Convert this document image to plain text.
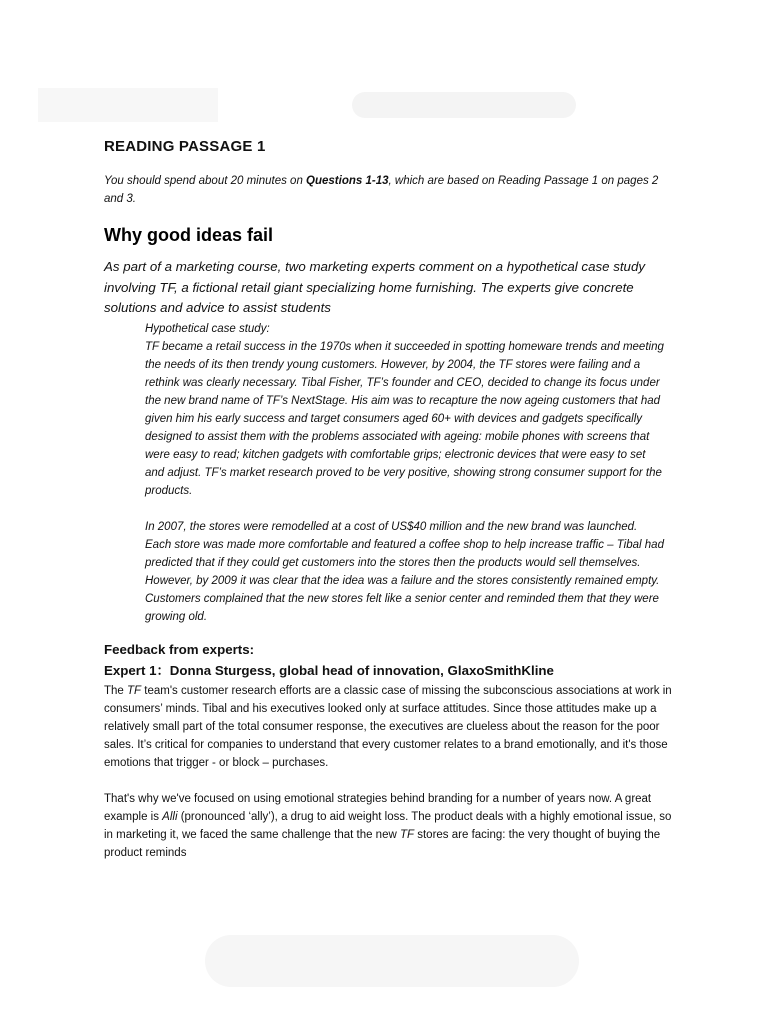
READING PASSAGE 1

You should spend about 20 minutes on Questions 1-13, which are based on Reading Passage 1 on pages 2 and 3.

Why good ideas fail

As part of a marketing course, two marketing experts comment on a hypothetical case study involving TF, a fictional retail giant specializing home furnishing. The experts give concrete solutions and advice to assist students

Hypothetical case study:
TF became a retail success in the 1970s when it succeeded in spotting homeware trends and meeting the needs of its then trendy young customers. However, by 2004, the TF stores were failing and a rethink was clearly necessary. Tibal Fisher, TF’s founder and CEO, decided to change its focus under the new brand name of TF’s NextStage. His aim was to recapture the now ageing customers that had given him his early success and target consumers aged 60+ with devices and gadgets specifically designed to assist them with the problems associated with ageing: mobile phones with screens that were easy to read; kitchen gadgets with comfortable grips; electronic devices that were easy to set and adjust. TF’s market research proved to be very positive, showing strong consumer support for the products.

In 2007, the stores were remodelled at a cost of US$40 million and the new brand was launched. Each store was made more comfortable and featured a coffee shop to help increase traffic – Tibal had predicted that if they could get customers into the stores then the products would sell themselves. However, by 2009 it was clear that the idea was a failure and the stores consistently remained empty. Customers complained that the new stores felt like a senior center and reminded them that they were growing old.

Feedback from experts:
Expert 1：Donna Sturgess, global head of innovation, GlaxoSmithKline

The TF team's customer research efforts are a classic case of missing the subconscious associations at work in consumers’ minds. Tibal and his executives looked only at surface attitudes. Since those attitudes make up a relatively small part of the total consumer response, the executives are clueless about the reason for the poor sales. It’s critical for companies to understand that every customer relates to a brand emotionally, and it's those emotions that trigger - or block – purchases.

That's why we've focused on using emotional strategies behind branding for a number of years now. A great example is Alli (pronounced ‘ally’), a drug to aid weight loss. The product deals with a highly emotional issue, so in marketing it, we faced the same challenge that the new TF stores are facing: the very thought of buying the product reminds
